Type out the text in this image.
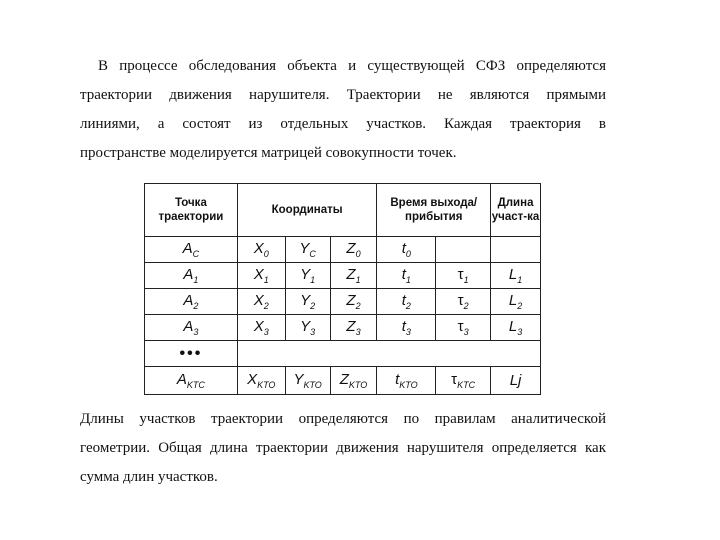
В процессе обследования объекта и существующей СФЗ определяются
траектории движения нарушителя. Траектории не являются прямыми
линиями, а состоят из отдельных участков. Каждая траектория в
пространстве моделируется матрицей совокупности точек.
Точка траектории	Координаты			Время выхода/ прибытия		Длина участ-ка
$A_C$	$X_0$	$Y_C$	$Z_0$	$t_0$		
$A_1$	$X_1$	$Y_1$	$Z_1$	$t_1$	$\tau_1$	$L_1$
$A_2$	$X_2$	$Y_2$	$Z_2$	$t_2$	$\tau_2$	$L_2$
$A_3$	$X_3$	$Y_3$	$Z_3$	$t_3$	$\tau_3$	$L_3$
•••						
$A_{KTC}$	$X_{KTO}$	$Y_{KTO}$	$Z_{KTO}$	$t_{KTO}$	$\tau_{KTC}$	Lj
Длины участков траектории определяются по правилам аналитической
геометрии. Общая длина траектории движения нарушителя определяется как
сумма длин участков.
